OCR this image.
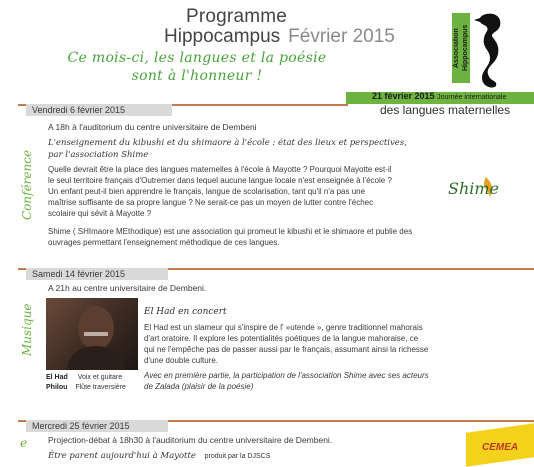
Programme
Hippocampus Février 2015	Association Hippocampus
Ce mois-ci, les langues et la poésie
sont à l'honneur !
21 février 2015 Journée internationale
des langues maternelles
Vendredi 6 février 2015
Conférence
A 18h à l'auditorium du centre universitaire de Dembeni
L'enseignement du kibushi et du shimaore à l'école : état des lieux et perspectives,
par l'association Shime
Quelle devrait être la place des langues maternelles à l'école à Mayotte ? Pourquoi Mayotte est-il
le seul territoire français d'Outremer dans lequel aucune langue locale n'est enseignée à l'école ?
Un enfant peut-il bien apprendre le français, langue de scolarisation, tant qu'il n'a pas une
maîtrise suffisante de sa propre langue ? Ne serait-ce pas un moyen de lutter contre l'échec
scolaire qui sévit à Mayotte ?
Shime
Shime ( SHImaore MEthodique) est une association qui promeut le kibushi et le shimaore et publie des
ouvrages permettant l'enseignement méthodique de ces langues.
Samedi 14 février 2015
Musique
A 21h au centre universitaire de Dembeni.
El Had Voix et guitare
Philou Flûte traversière
El Had en concert
El Had est un slameur qui s'inspire de l' »utende », genre traditionnel mahorais
d'art oratoire. Il explore les potentialités poétiques de la langue mahoraise, ce
qui ne l'empêche pas de passer aussi par le français, assumant ainsi la richesse
d'une double culture.
Avec en première partie, la participation de l'association Shime avec ses acteurs
de Zalada (plaisir de la poésie)
Mercredi 25 février 2015
e	Projection-débat à 18h30 à l'auditorium du centre universitaire de Dembeni.
Être parent aujourd'hui à Mayotte produit par la DJSCS
CEMEA
